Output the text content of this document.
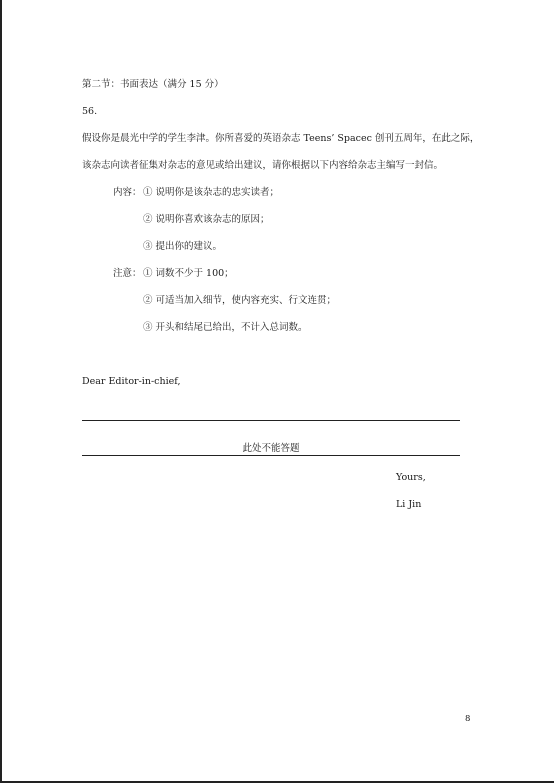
第二节：书面表达（满分 15 分）
56.
假设你是晨光中学的学生李津。你所喜爱的英语杂志 Teens’ Spacec 创刊五周年，在此之际，
该杂志向读者征集对杂志的意见或给出建议，请你根据以下内容给杂志主编写一封信。
内容： ① 说明你是该杂志的忠实读者；
② 说明你喜欢该杂志的原因；
③ 提出你的建议。
注意： ① 词数不少于 100；
② 可适当加入细节，使内容充实、行文连贯；
③ 开头和结尾已给出，不计入总词数。
Dear Editor-in-chief,
此处不能答题
Yours,
Li Jin
8
